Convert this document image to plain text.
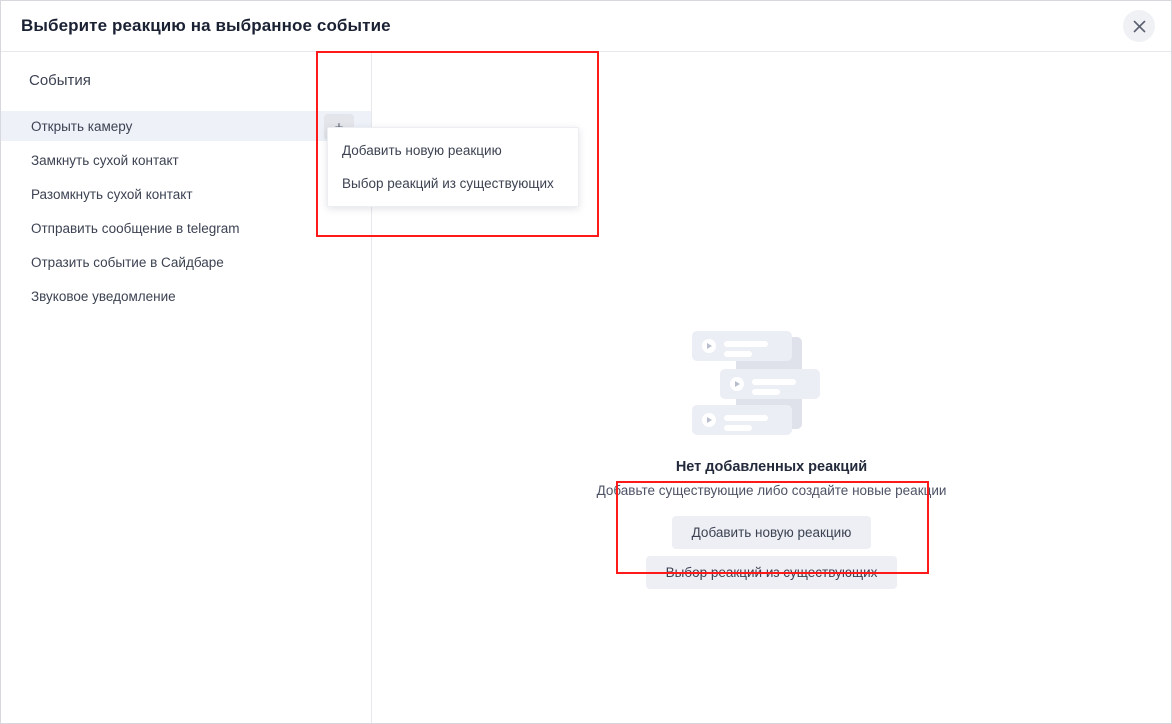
Выберите реакцию на выбранное событие
События
Открыть камеру
Замкнуть сухой контакт
Разомкнуть сухой контакт
Отправить сообщение в telegram
Отразить событие в Сайдбаре
Звуковое уведомление
Добавить новую реакцию
Выбор реакций из существующих
Нет добавленных реакций
Добавьте существующие либо создайте новые реакции
Добавить новую реакцию
Выбор реакций из существующих
